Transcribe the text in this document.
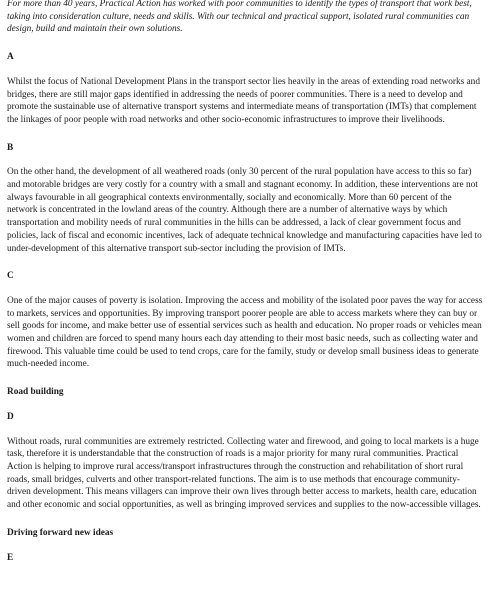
For more than 40 years, Practical Action has worked with poor communities to identify the types of transport that work best, taking into consideration culture, needs and skills. With our technical and practical support, isolated rural communities can design, build and maintain their own solutions.

A

Whilst the focus of National Development Plans in the transport sector lies heavily in the areas of extending road networks and bridges, there are still major gaps identified in addressing the needs of poorer communities. There is a need to develop and promote the sustainable use of alternative transport systems and intermediate means of transportation (IMTs) that complement the linkages of poor people with road networks and other socio-economic infrastructures to improve their livelihoods.

B

On the other hand, the development of all weathered roads (only 30 percent of the rural population have access to this so far) and motorable bridges are very costly for a country with a small and stagnant economy. In addition, these interventions are not always favourable in all geographical contexts environmentally, socially and economically. More than 60 percent of the network is concentrated in the lowland areas of the country. Although there are a number of alternative ways by which transportation and mobility needs of rural communities in the hills can be addressed, a lack of clear government focus and policies, lack of fiscal and economic incentives, lack of adequate technical knowledge and manufacturing capacities have led to under-development of this alternative transport sub-sector including the provision of IMTs.

C

One of the major causes of poverty is isolation. Improving the access and mobility of the isolated poor paves the way for access to markets, services and opportunities. By improving transport poorer people are able to access markets where they can buy or sell goods for income, and make better use of essential services such as health and education. No proper roads or vehicles mean women and children are forced to spend many hours each day attending to their most basic needs, such as collecting water and firewood. This valuable time could be used to tend crops, care for the family, study or develop small business ideas to generate much-needed income.

Road building

D

Without roads, rural communities are extremely restricted. Collecting water and firewood, and going to local markets is a huge task, therefore it is understandable that the construction of roads is a major priority for many rural communities. Practical Action is helping to improve rural access/transport infrastructures through the construction and rehabilitation of short rural roads, small bridges, culverts and other transport-related functions. The aim is to use methods that encourage community-driven development. This means villagers can improve their own lives through better access to markets, health care, education and other economic and social opportunities, as well as bringing improved services and supplies to the now-accessible villages.

Driving forward new ideas

E
